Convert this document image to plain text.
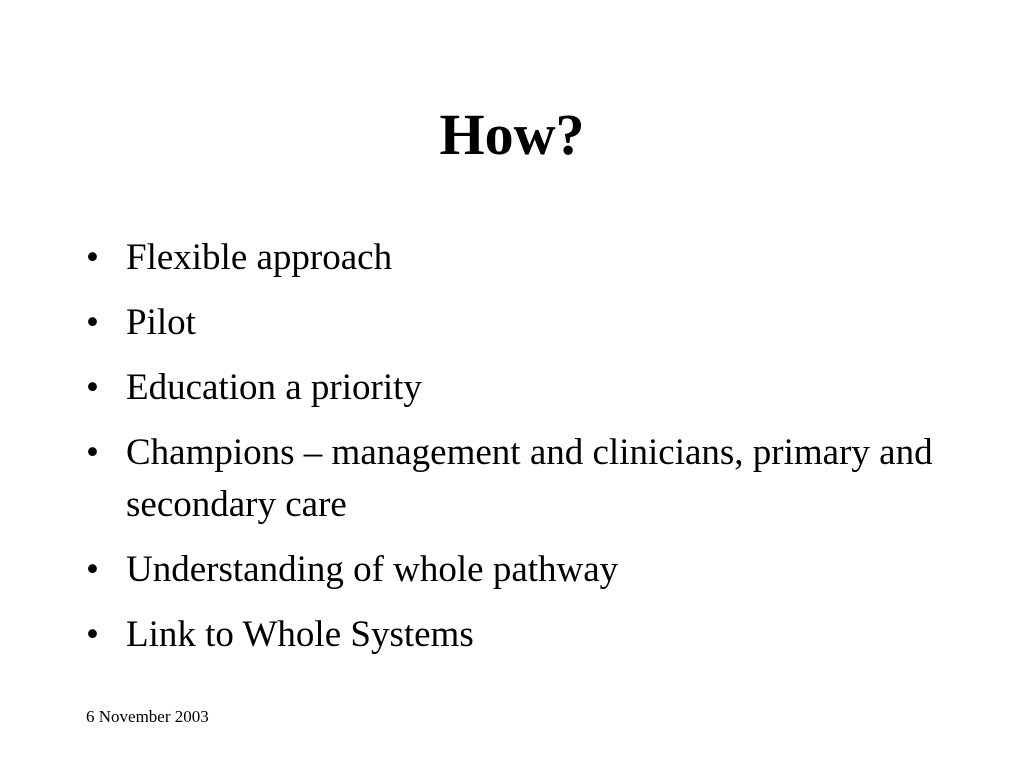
How?
• Flexible approach
• Pilot
• Education a priority
• Champions – management and clinicians, primary and secondary care
• Understanding of whole pathway
• Link to Whole Systems
6 November 2003
